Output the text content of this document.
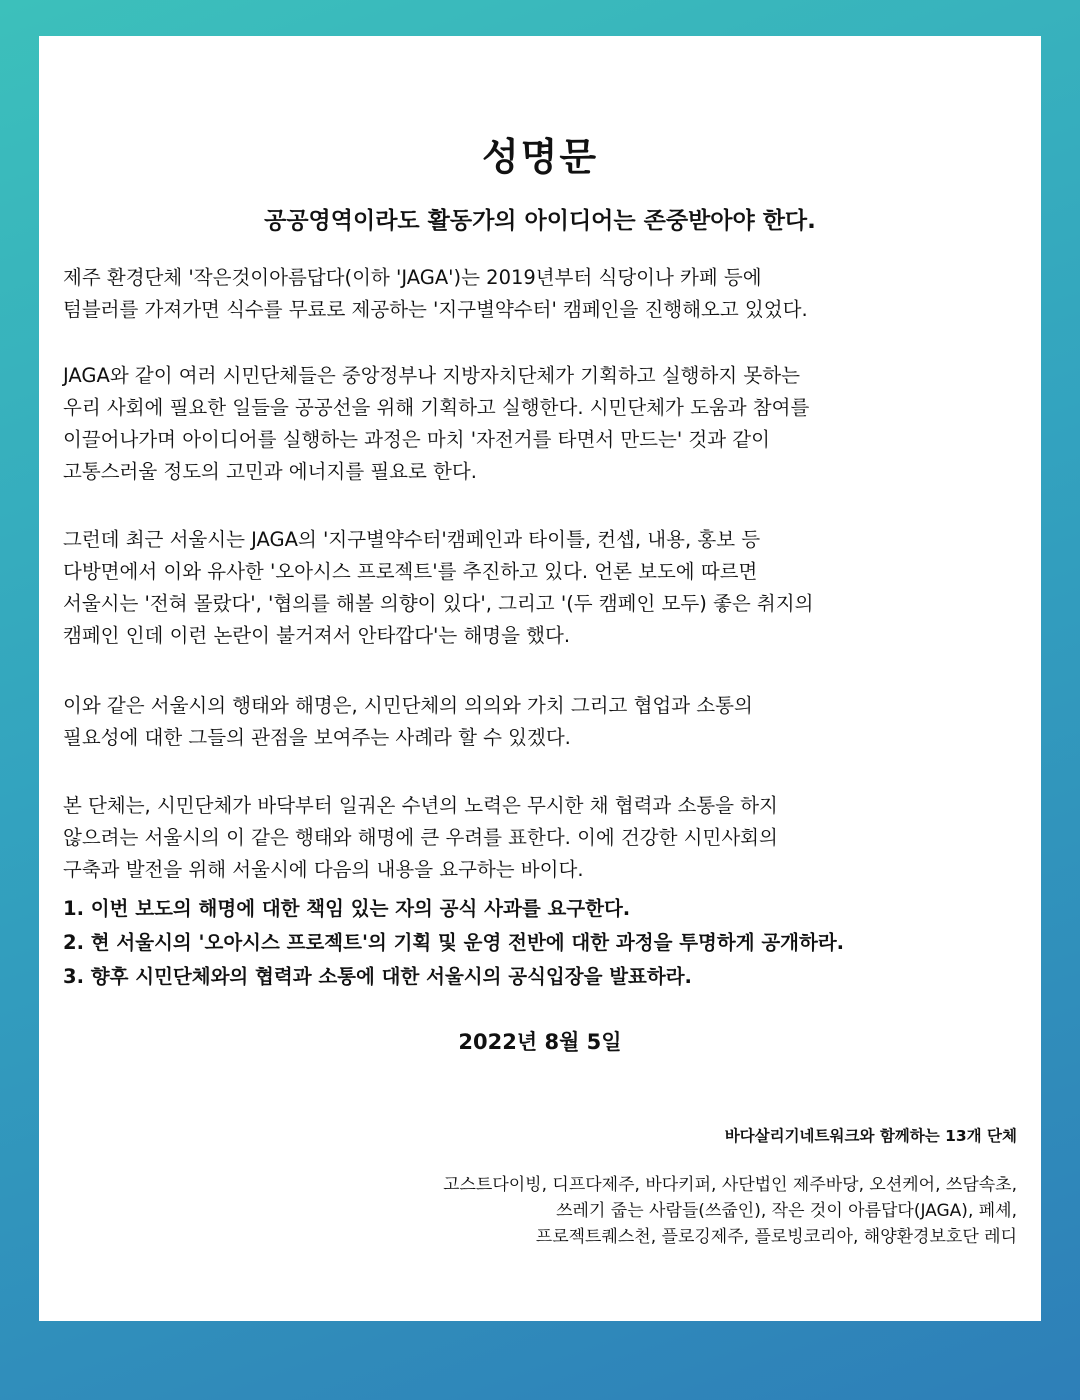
성명문
공공영역이라도 활동가의 아이디어는 존중받아야 한다.
제주 환경단체 '작은것이아름답다(이하 'JAGA')는 2019년부터 식당이나 카페 등에
텀블러를 가져가면 식수를 무료로 제공하는 '지구별약수터' 캠페인을 진행해오고 있었다.
JAGA와 같이 여러 시민단체들은 중앙정부나 지방자치단체가 기획하고 실행하지 못하는
우리 사회에 필요한 일들을 공공선을 위해 기획하고 실행한다. 시민단체가 도움과 참여를
이끌어나가며 아이디어를 실행하는 과정은 마치 '자전거를 타면서 만드는' 것과 같이
고통스러울 정도의 고민과 에너지를 필요로 한다.
그런데 최근 서울시는 JAGA의 '지구별약수터'캠페인과 타이틀, 컨셉, 내용, 홍보 등
다방면에서 이와 유사한 '오아시스 프로젝트'를 추진하고 있다. 언론 보도에 따르면
서울시는 '전혀 몰랐다', '협의를 해볼 의향이 있다', 그리고 '(두 캠페인 모두) 좋은 취지의
캠페인 인데 이런 논란이 불거져서 안타깝다'는 해명을 했다.
이와 같은 서울시의 행태와 해명은, 시민단체의 의의와 가치 그리고 협업과 소통의
필요성에 대한 그들의 관점을 보여주는 사례라 할 수 있겠다.
본 단체는, 시민단체가 바닥부터 일궈온 수년의 노력은 무시한 채 협력과 소통을 하지
않으려는 서울시의 이 같은 행태와 해명에 큰 우려를 표한다. 이에 건강한 시민사회의
구축과 발전을 위해 서울시에 다음의 내용을 요구하는 바이다.
1. 이번 보도의 해명에 대한 책임 있는 자의 공식 사과를 요구한다.
2. 현 서울시의 '오아시스 프로젝트'의 기획 및 운영 전반에 대한 과정을 투명하게 공개하라.
3. 향후 시민단체와의 협력과 소통에 대한 서울시의 공식입장을 발표하라.
2022년 8월 5일
바다살리기네트워크와 함께하는 13개 단체
고스트다이빙, 디프다제주, 바다키퍼, 사단법인 제주바당, 오션케어, 쓰담속초,
쓰레기 줍는 사람들(쓰줍인), 작은 것이 아름답다(JAGA), 페셰,
프로젝트퀘스천, 플로깅제주, 플로빙코리아, 해양환경보호단 레디
